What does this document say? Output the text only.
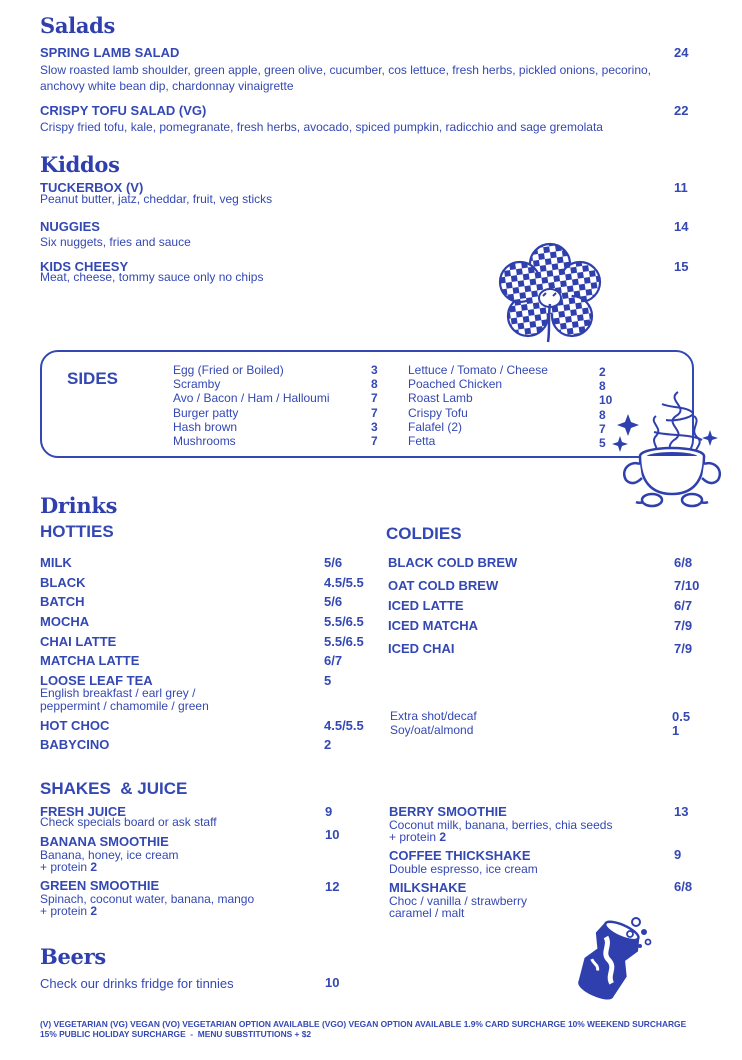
Salads
SPRING LAMB SALAD	24
Slow roasted lamb shoulder, green apple, green olive, cucumber, cos lettuce, fresh herbs, pickled onions, pecorino,
anchovy white bean dip, chardonnay vinaigrette
CRISPY TOFU SALAD (VG)	22
Crispy fried tofu, kale, pomegranate, fresh herbs, avocado, spiced pumpkin, radicchio and sage gremolata
Kiddos
TUCKERBOX (V)	11
Peanut butter, jatz, cheddar, fruit, veg sticks
NUGGIES	14
Six nuggets, fries and sauce
KIDS CHEESY	15
Meat, cheese, tommy sauce only no chips
SIDES	Egg (Fried or Boiled)	3
Scramby	8
Avo / Bacon / Ham / Halloumi	7
Burger patty	7
Hash brown	3
Mushrooms	7
Lettuce / Tomato / Cheese	2
Poached Chicken	8
Roast Lamb	10
Crispy Tofu	8
Falafel (2)	7
Fetta	5
Drinks
HOTTIES	COLDIES
MILK	5/6
BLACK	4.5/5.5
BATCH	5/6
MOCHA	5.5/6.5
CHAI LATTE	5.5/6.5
MATCHA LATTE	6/7
LOOSE LEAF TEA	5
English breakfast / earl grey /
peppermint / chamomile / green
HOT CHOC	4.5/5.5
BABYCINO	2
BLACK COLD BREW	6/8
OAT COLD BREW	7/10
ICED LATTE	6/7
ICED MATCHA	7/9
ICED CHAI	7/9
Extra shot/decaf	0.5
Soy/oat/almond	1
SHAKES  & JUICE
FRESH JUICE	9
Check specials board or ask staff
BANANA SMOOTHIE	10
Banana, honey, ice cream
+ protein 2
GREEN SMOOTHIE	12
Spinach, coconut water, banana, mango
+ protein 2
BERRY SMOOTHIE	13
Coconut milk, banana, berries, chia seeds
+ protein 2
COFFEE THICKSHAKE	9
Double espresso, ice cream
MILKSHAKE	6/8
Choc / vanilla / strawberry
caramel / malt
Beers
Check our drinks fridge for tinnies	10
(V) VEGETARIAN (VG) VEGAN (VO) VEGETARIAN OPTION AVAILABLE (VGO) VEGAN OPTION AVAILABLE 1.9% CARD SURCHARGE 10% WEEKEND SURCHARGE
15% PUBLIC HOLIDAY SURCHARGE  -  MENU SUBSTITUTIONS + $2
